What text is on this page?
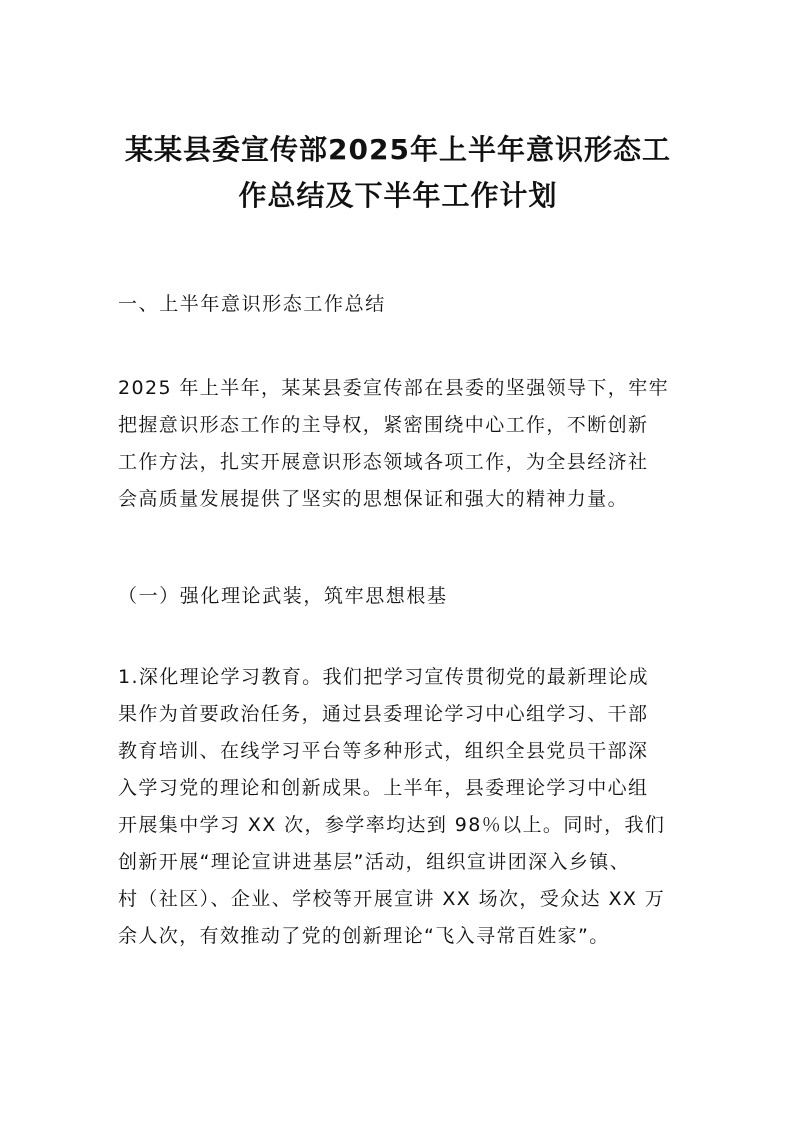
某某县委宣传部2025年上半年意识形态工
作总结及下半年工作计划
一、上半年意识形态工作总结
2025 年上半年，某某县委宣传部在县委的坚强领导下，牢牢
把握意识形态工作的主导权，紧密围绕中心工作，不断创新
工作方法，扎实开展意识形态领域各项工作，为全县经济社
会高质量发展提供了坚实的思想保证和强大的精神力量。
（一）强化理论武装，筑牢思想根基
1.深化理论学习教育。我们把学习宣传贯彻党的最新理论成
果作为首要政治任务，通过县委理论学习中心组学习、干部
教育培训、在线学习平台等多种形式，组织全县党员干部深
入学习党的理论和创新成果。上半年，县委理论学习中心组
开展集中学习 XX 次，参学率均达到 98％以上。同时，我们
创新开展“理论宣讲进基层”活动，组织宣讲团深入乡镇、
村（社区）、企业、学校等开展宣讲 XX 场次，受众达 XX 万
余人次，有效推动了党的创新理论“飞入寻常百姓家”。
